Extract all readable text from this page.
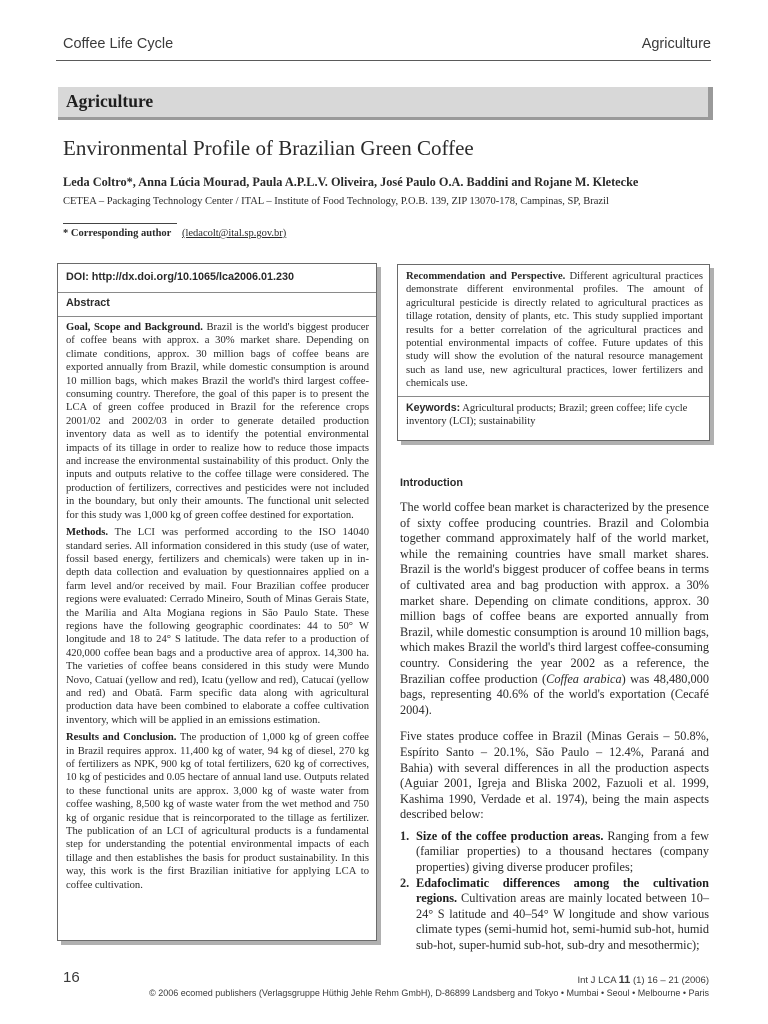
Coffee Life Cycle	Agriculture
Agriculture
Environmental Profile of Brazilian Green Coffee
Leda Coltro*, Anna Lúcia Mourad, Paula A.P.L.V. Oliveira, José Paulo O.A. Baddini and Rojane M. Kletecke
CETEA – Packaging Technology Center / ITAL – Institute of Food Technology, P.O.B. 139, ZIP 13070-178, Campinas, SP, Brazil
* Corresponding author (ledacolt@ital.sp.gov.br)
DOI: http://dx.doi.org/10.1065/lca2006.01.230
Abstract

Goal, Scope and Background. Brazil is the world's biggest producer of coffee beans with approx. a 30% market share. Depending on climate conditions, approx. 30 million bags of coffee beans are exported annually from Brazil, while domestic consumption is around 10 million bags, which makes Brazil the world's third largest coffee-consuming country. Therefore, the goal of this paper is to present the LCA of green coffee produced in Brazil for the reference crops 2001/02 and 2002/03 in order to generate detailed production inventory data as well as to identify the potential environmental impacts of its tillage in order to realize how to reduce those impacts and increase the environmental sustainability of this product. Only the inputs and outputs relative to the coffee tillage were considered. The production of fertilizers, correctives and pesticides were not included in the boundary, but only their amounts. The functional unit selected for this study was 1,000 kg of green coffee destined for exportation.

Methods. The LCI was performed according to the ISO 14040 standard series. All information considered in this study (use of water, fossil based energy, fertilizers and chemicals) were taken up in in-depth data collection and evaluation by questionnaires applied on a farm level and/or received by mail. Four Brazilian coffee producer regions were evaluated: Cerrado Mineiro, South of Minas Gerais State, the Marília and Alta Mogiana regions in São Paulo State. These regions have the following geographic coordinates: 44 to 50° W longitude and 18 to 24° S latitude. The data refer to a production of 420,000 coffee bean bags and a productive area of approx. 14,300 ha. The varieties of coffee beans considered in this study were Mundo Novo, Catuaí (yellow and red), Icatu (yellow and red), Catucaí (yellow and red) and Obatã. Farm specific data along with agricultural production data have been combined to elaborate a coffee cultivation inventory, which will be applied in an emissions estimation.

Results and Conclusion. The production of 1,000 kg of green coffee in Brazil requires approx. 11,400 kg of water, 94 kg of diesel, 270 kg of fertilizers as NPK, 900 kg of total fertilizers, 620 kg of correctives, 10 kg of pesticides and 0.05 hectare of annual land use. Outputs related to these functional units are approx. 3,000 kg of waste water from coffee washing, 8,500 kg of waste water from the wet method and 750 kg of organic residue that is reincorporated to the tillage as fertilizer. The publication of an LCI of agricultural products is a fundamental step for understanding the potential environmental impacts of each tillage and then establishes the basis for product sustainability. In this way, this work is the first Brazilian initiative for applying LCA to coffee cultivation.

Recommendation and Perspective. Different agricultural practices demonstrate different environmental profiles. The amount of agricultural pesticide is directly related to agricultural practices as tillage rotation, density of plants, etc. This study supplied important results for a better correlation of the agricultural practices and potential environmental impacts of coffee. Future updates of this study will show the evolution of the natural resource management such as land use, new agricultural practices, lower fertilizers and chemicals use.
Keywords: Agricultural products; Brazil; green coffee; life cycle inventory (LCI); sustainability
Introduction

The world coffee bean market is characterized by the presence of sixty coffee producing countries. Brazil and Colombia together command approximately half of the world market, while the remaining countries have small market shares. Brazil is the world's biggest producer of coffee beans in terms of cultivated area and bag production with approx. a 30% market share. Depending on climate conditions, approx. 30 million bags of coffee beans are exported annually from Brazil, while domestic consumption is around 10 million bags, which makes Brazil the world's third largest coffee-consuming country. Considering the year 2002 as a reference, the Brazilian coffee production (Coffea arabica) was 48,480,000 bags, representing 40.6% of the world's exportation (Cecafé 2004).

Five states produce coffee in Brazil (Minas Gerais – 50.8%, Espírito Santo – 20.1%, São Paulo – 12.4%, Paraná and Bahia) with several differences in all the production aspects (Aguiar 2001, Igreja and Bliska 2002, Fazuoli et al. 1999, Kashima 1990, Verdade et al. 1974), being the main aspects described below:

1. Size of the coffee production areas. Ranging from a few (familiar properties) to a thousand hectares (company properties) giving diverse producer profiles;
2. Edafoclimatic differences among the cultivation regions. Cultivation areas are mainly located between 10–24° S latitude and 40–54° W longitude and show various climate types (semi-humid hot, semi-humid sub-hot, humid sub-hot, super-humid sub-hot, sub-dry and mesothermic);
16	Int J LCA 11 (1) 16 – 21 (2006)
© 2006 ecomed publishers (Verlagsgruppe Hüthig Jehle Rehm GmbH), D-86899 Landsberg and Tokyo • Mumbai • Seoul • Melbourne • Paris
